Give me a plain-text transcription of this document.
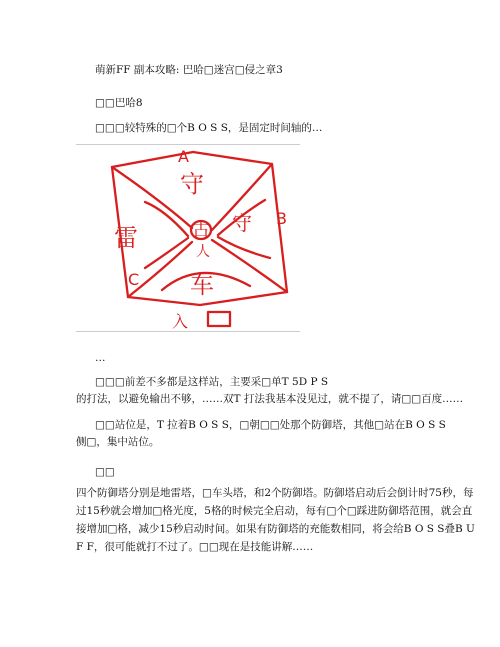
萌新FF 副本攻略: 巴哈□迷宫□侵之章3
□□巴哈8
□□□较特殊的□个B O S S，是固定时间轴的…
A
守
守 B
雷
C 车
古
人
入
…
□□□前差不多都是这样站，主要采□单T 5D P S
的打法，以避免输出不够，……双T 打法我基本没见过，就不提了，请□□百度……
□□站位是，T 拉着B O S S，□朝□□处那个防御塔，其他□站在B O S S
侧□，集中站位。
□□
四个防御塔分别是地雷塔，□车头塔，和2个防御塔。防御塔启动后会倒计时75秒，每
过15秒就会增加□格光度，5格的时候完全启动，每有□个□踩进防御塔范围，就会直
接增加□格，减少15秒启动时间。如果有防御塔的充能数相同，将会给B O S S叠B U
F F，很可能就打不过了。□□现在是技能讲解……
